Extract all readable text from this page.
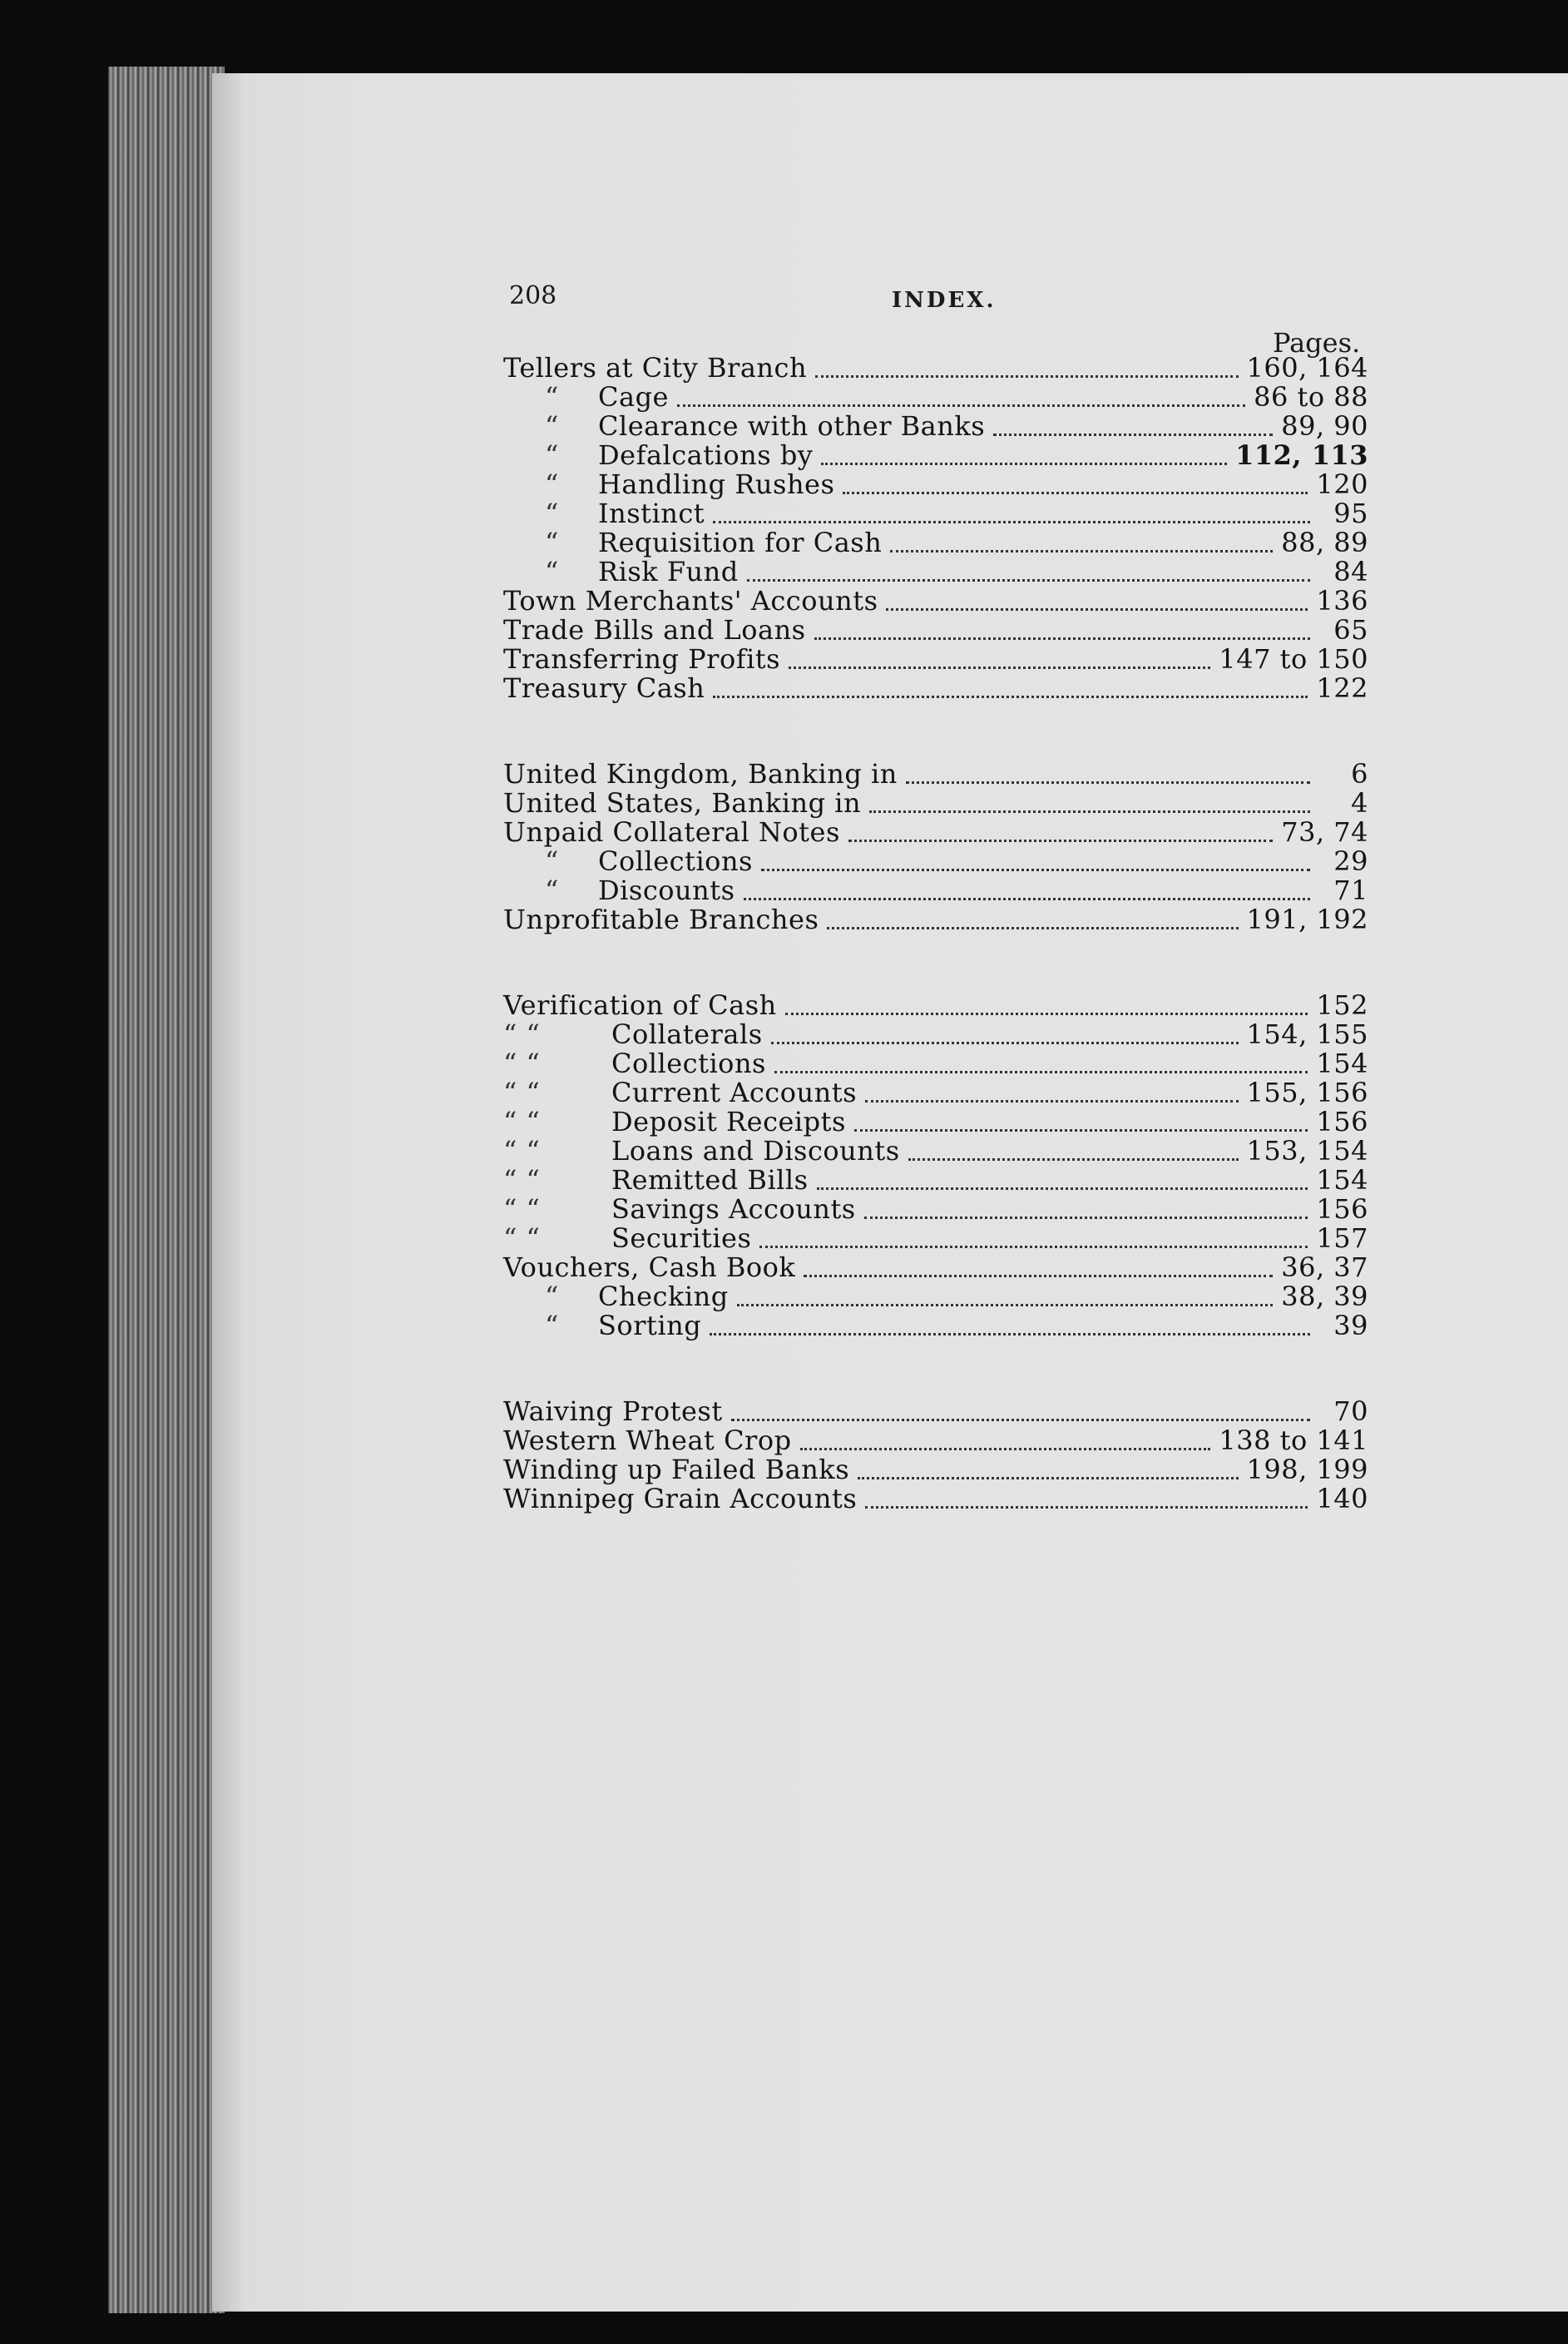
208	INDEX.
Pages.
Tellers at City Branch	160, 164
“	Cage	86 to 88
“	Clearance with other Banks	89, 90
“	Defalcations by	112, 113
“	Handling Rushes	120
“	Instinct	95
“	Requisition for Cash	88, 89
“	Risk Fund	84
Town Merchants' Accounts	136
Trade Bills and Loans	65
Transferring Profits	147 to 150
Treasury Cash	122
United Kingdom, Banking in	6
United States, Banking in	4
Unpaid Collateral Notes	73, 74
“	Collections	29
“	Discounts	71
Unprofitable Branches	191, 192
Verification of Cash	152
“ “	Collaterals	154, 155
“ “	Collections	154
“ “	Current Accounts	155, 156
“ “	Deposit Receipts	156
“ “	Loans and Discounts	153, 154
“ “	Remitted Bills	154
“ “	Savings Accounts	156
“ “	Securities	157
Vouchers, Cash Book	36, 37
“	Checking	38, 39
“	Sorting	39
Waiving Protest	70
Western Wheat Crop	138 to 141
Winding up Failed Banks	198, 199
Winnipeg Grain Accounts	140
